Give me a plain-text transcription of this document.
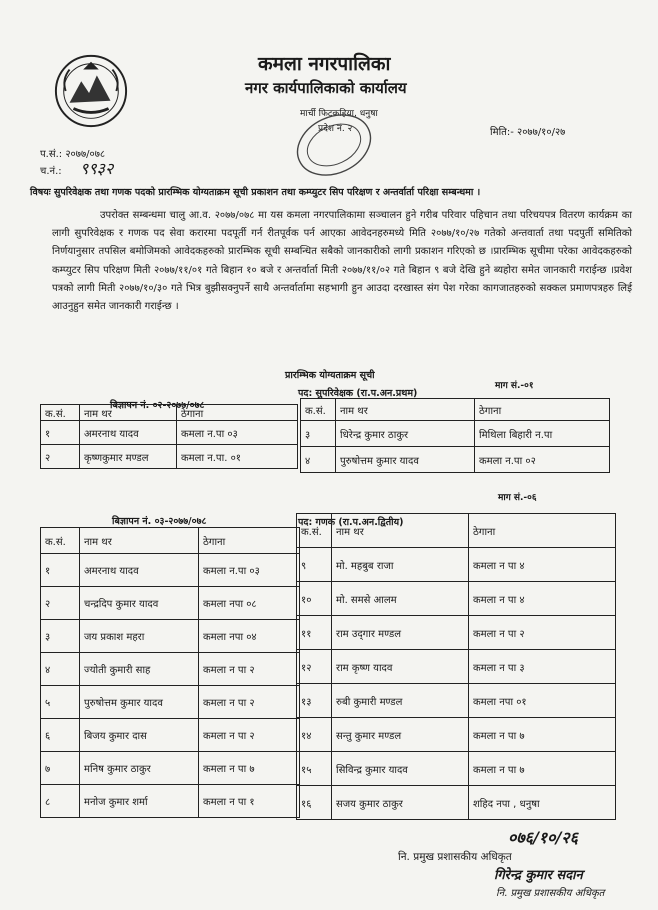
कमला नगरपालिका
नगर कार्यपालिकाको कार्यालय
मार्ची फिटकहिया, धनुषा
प्रदेश नं. २	मिति:- २०७७/१०/२७
प.सं.: २०७७/०७८
च.नं.: ९९३२
विषयः सुपरिवेक्षक तथा गणक पदको प्रारम्भिक योग्यताक्रम सूची प्रकाशन तथा कम्प्युटर सिप परिक्षण र अन्तर्वार्ता परिक्षा सम्बन्धमा ।
उपरोक्त सम्बन्धमा चालु आ.व. २०७७/०७८ मा यस कमला नगरपालिकामा सञ्चालन हुने गरीब परिवार पहिचान तथा परिचयपत्र वितरण कार्यक्रम का लागी सुपरिवेक्षक र गणक पद सेवा करारमा पदपूर्ती गर्न रीतपूर्वक पर्न आएका आवेदनहरुमध्ये मिति २०७७/१०/२७ गतेको अन्तवार्ता तथा पदपुर्ती समितिको निर्णयानुसार तपसिल बमोजिमको आवेदकहरुको प्रारम्भिक सूची सम्बन्धित सबैको जानकारीको लागी प्रकाशन गरिएको छ ।प्रारम्भिक सूचीमा परेका आवेदकहरुको कम्प्युटर सिप परिक्षण मिती २०७७/११/०१ गते बिहान १० बजे र अन्तर्वार्ता मिती २०७७/११/०२ गते बिहान ९ बजे देखि हुने ब्यहोरा समेत जानकारी गराईन्छ ।प्रवेश पत्रको लागी मिती २०७७/१०/३० गते भित्र बुझीसक्नुपर्ने साथै अन्तर्वार्तामा सहभागी हुन आउदा दरखास्त संग पेश गरेका कागजातहरुको सक्कल प्रमाणपत्रहरु लिई आउनुहुन समेत जानकारी गराईन्छ ।
प्रारम्भिक योग्यताक्रम सूची
माग सं.-०१
पद: सुपरिवेक्षक (रा.प.अन.प्रथम)
बिज्ञापन नं. ०२-२०७७/०७८
क.सं.	नाम थर	ठेगाना
१	अमरनाथ यादव	कमला न.पा ०३
२	कृष्णकुमार मण्डल	कमला न.पा. ०१
क.सं.	नाम थर	ठेगाना
३	धिरेन्द्र कुमार ठाकुर	मिथिला बिहारी न.पा
४	पुरुषोत्तम कुमार यादव	कमला न.पा ०२
माग सं.-०६
बिज्ञापन नं. ०३-२०७७/०७८	पद: गणक (रा.प.अन.द्वितीय)
क.सं.	नाम थर	ठेगाना
१	अमरनाथ यादव	कमला न.पा ०३
२	चन्द्रदिप कुमार यादव	कमला नपा ०८
३	जय प्रकाश महरा	कमला नपा ०४
४	ज्योती कुमारी साह	कमला न पा २
५	पुरुषोत्तम कुमार यादव	कमला न पा २
६	बिजय कुमार दास	कमला न पा २
७	मनिष कुमार ठाकुर	कमला न पा ७
८	मनोज कुमार शर्मा	कमला न पा १
क.सं.	नाम थर	ठेगाना
९	मो. महबुब राजा	कमला न पा ४
१०	मो. समसे आलम	कमला न पा ४
११	राम उद्‌गार मण्डल	कमला न पा २
१२	राम कृष्ण यादव	कमला न पा ३
१३	रुबी कुमारी मण्डल	कमला नपा ०१
१४	सन्तु कुमार मण्डल	कमला न पा ७
१५	सिविन्द्र कुमार यादव	कमला न पा ७
१६	सजय कुमार ठाकुर	शहिद नपा , धनुषा
०७६/१०/२६
नि. प्रमुख प्रशासकीय अधिकृत
गिरेन्द्र कुमार सदान
नि. प्रमुख प्रशासकीय अधिकृत
